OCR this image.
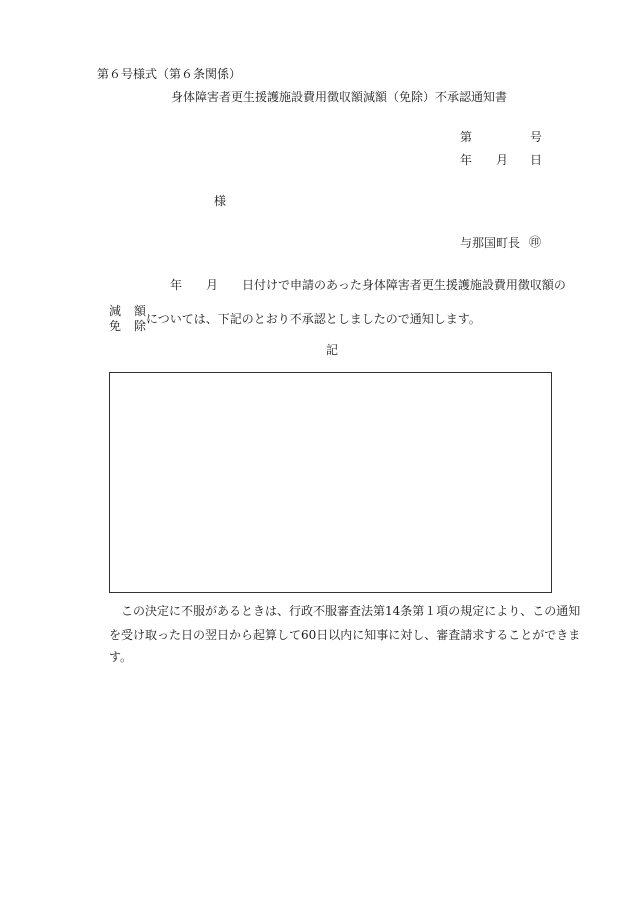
第６号様式（第６条関係）
身体障害者更生援護施設費用徴収額減額（免除）不承認通知書
第	号
年 月 日
様
与那国町長 ㊞
年 月 日付けで申請のあった身体障害者更生援護施設費用徴収額の
減 額
免 除 については、下記のとおり不承認としましたので通知します。
記
　この決定に不服があるときは、行政不服審査法第14条第１項の規定により、この通知
を受け取った日の翌日から起算して60日以内に知事に対し、審査請求することができま
す。
